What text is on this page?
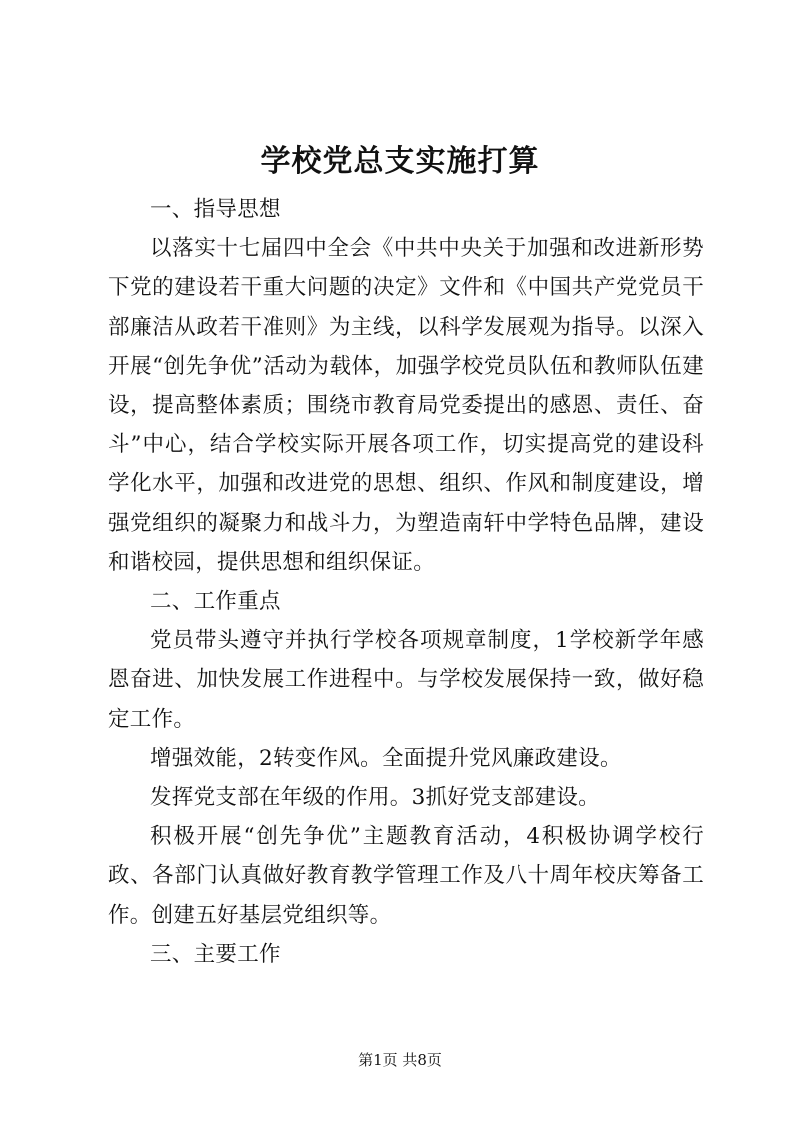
学校党总支实施打算

一、指导思想

以落实十七届四中全会《中共中央关于加强和改进新形势下党的建设若干重大问题的决定》文件和《中国共产党党员干部廉洁从政若干准则》为主线，以科学发展观为指导。以深入开展“创先争优”活动为载体，加强学校党员队伍和教师队伍建设，提高整体素质；围绕市教育局党委提出的感恩、责任、奋斗”中心，结合学校实际开展各项工作，切实提高党的建设科学化水平，加强和改进党的思想、组织、作风和制度建设，增强党组织的凝聚力和战斗力，为塑造南轩中学特色品牌，建设和谐校园，提供思想和组织保证。

二、工作重点

党员带头遵守并执行学校各项规章制度，1学校新学年感恩奋进、加快发展工作进程中。与学校发展保持一致，做好稳定工作。

增强效能，2转变作风。全面提升党风廉政建设。

发挥党支部在年级的作用。3抓好党支部建设。

积极开展“创先争优”主题教育活动，4积极协调学校行政、各部门认真做好教育教学管理工作及八十周年校庆筹备工作。创建五好基层党组织等。

三、主要工作

第1页 共8页
